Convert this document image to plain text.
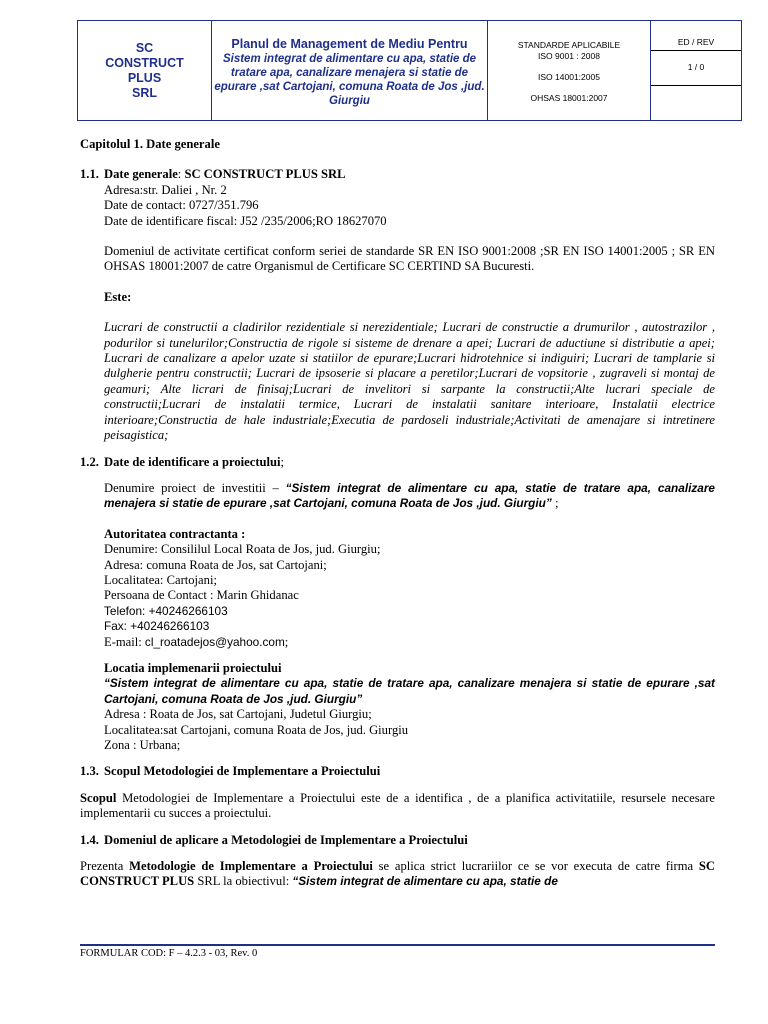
SC
CONSTRUCT
PLUS
SRL
Planul de Management de Mediu Pentru
Sistem integrat de alimentare cu apa, statie de tratare apa, canalizare menajera si statie de epurare ,sat Cartojani, comuna Roata de Jos ,jud. Giurgiu
STANDARDE APLICABILE
ISO 9001 : 2008
ISO 14001:2005
OHSAS 18001:2007
ED / REV
1 / 0
Capitolul 1. Date generale
1.1. Date generale: SC CONSTRUCT PLUS SRL
Adresa:str. Daliei , Nr. 2
Date de contact: 0727/351.796
Date de identificare fiscal: J52 /235/2006;RO 18627070
Domeniul de activitate certificat conform seriei de standarde SR EN ISO 9001:2008 ;SR EN ISO 14001:2005 ; SR EN OHSAS 18001:2007 de catre Organismul de Certificare SC CERTIND SA Bucuresti.
Este:
Lucrari de constructii a cladirilor rezidentiale si nerezidentiale; Lucrari de constructie a drumurilor , autostrazilor , podurilor si tunelurilor;Constructia de rigole si sisteme de drenare a apei; Lucrari de aductiune si distributie a apei; Lucrari de canalizare a apelor uzate si statiilor de epurare;Lucrari hidrotehnice si indiguiri; Lucrari de tamplarie si dulgherie pentru constructii; Lucrari de ipsoserie si placare a peretilor;Lucrari de vopsitorie , zugraveli si montaj de geamuri; Alte licrari de finisaj;Lucrari de invelitori si sarpante la constructii;Alte lucrari speciale de constructii;Lucrari de instalatii termice, Lucrari de instalatii sanitare interioare, Instalatii electrice interioare;Constructia de hale industriale;Executia de pardoseli industriale;Activitati de amenajare si intretinere peisagistica;
1.2. Date de identificare a proiectului;
Denumire proiect de investitii – “Sistem integrat de alimentare cu apa, statie de tratare apa, canalizare menajera si statie de epurare ,sat Cartojani, comuna Roata de Jos ,jud. Giurgiu” ;
Autoritatea contractanta :
Denumire: Consililul Local Roata de Jos, jud. Giurgiu;
Adresa: comuna Roata de Jos, sat Cartojani;
Localitatea: Cartojani;
Persoana de Contact : Marin Ghidanac
Telefon: +40246266103
Fax: +40246266103
E-mail: cl_roatadejos@yahoo.com;
Locatia implemenarii proiectului
“Sistem integrat de alimentare cu apa, statie de tratare apa, canalizare menajera si statie de epurare ,sat Cartojani, comuna Roata de Jos ,jud. Giurgiu”
Adresa : Roata de Jos, sat Cartojani, Judetul Giurgiu;
Localitatea:sat Cartojani, comuna Roata de Jos, jud. Giurgiu
Zona : Urbana;
1.3. Scopul Metodologiei de Implementare a Proiectului
Scopul Metodologiei de Implementare a Proiectului este de a identifica , de a planifica activitatiile, resursele necesare implementarii cu succes a proiectului.
1.4. Domeniul de aplicare a Metodologiei de Implementare a Proiectului
Prezenta Metodologie de Implementare a Proiectului se aplica strict lucrariilor ce se vor executa de catre firma SC CONSTRUCT PLUS SRL la obiectivul: “Sistem integrat de alimentare cu apa, statie de
FORMULAR COD: F – 4.2.3 - 03, Rev. 0
